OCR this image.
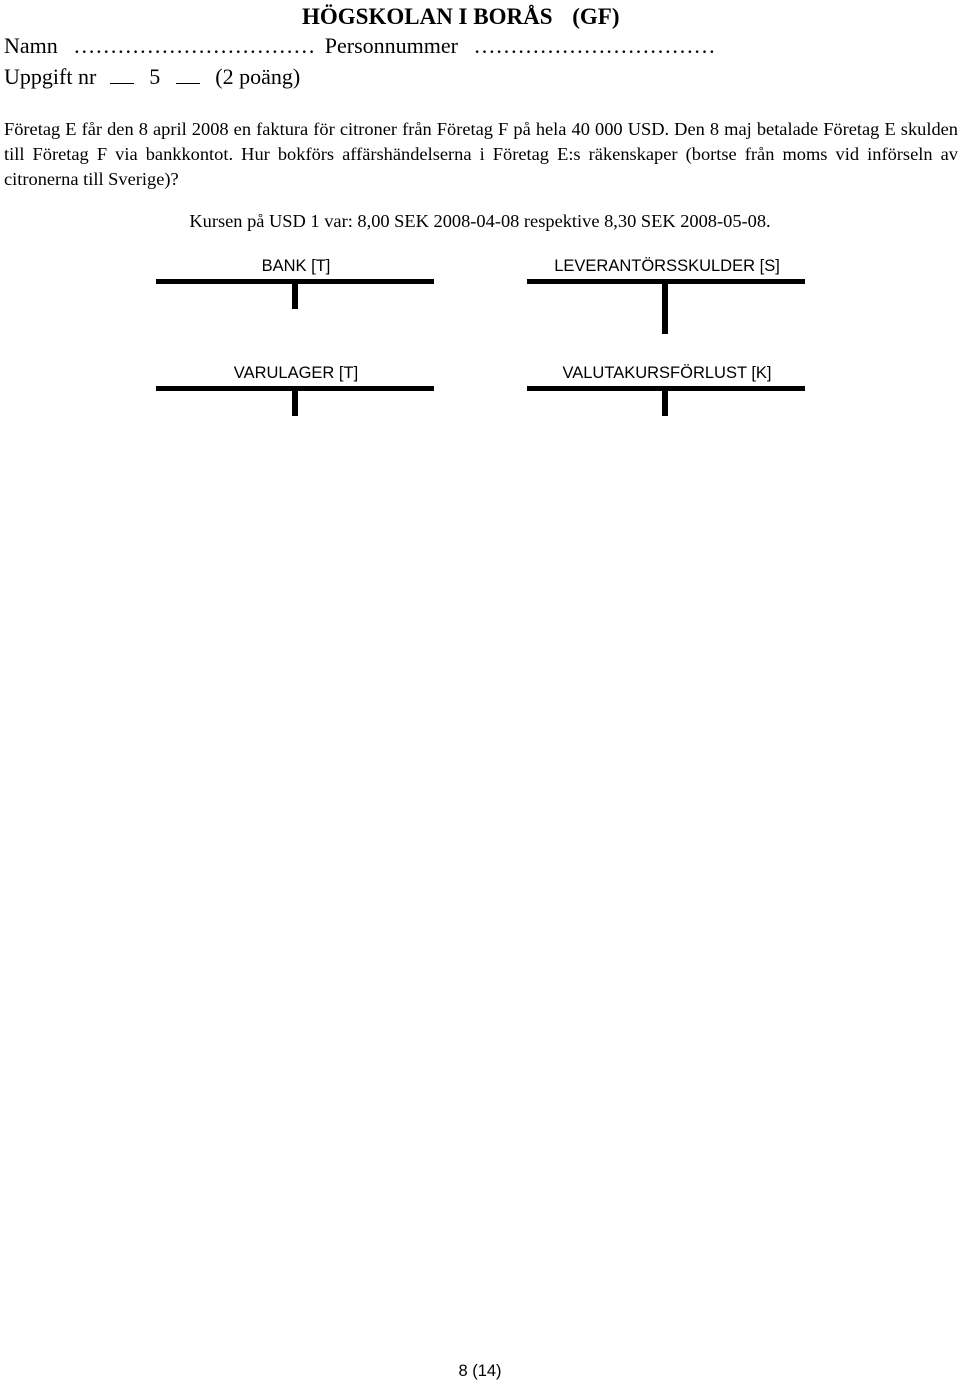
HÖGSKOLAN I BORÅS (GF)
Namn …………………………… Personnummer ……………………………
Uppgift nr 5	(2 poäng)
Företag E får den 8 april 2008 en faktura för citroner från Företag F på hela 40 000 USD. Den 8 maj betalade Företag E skulden till Företag F via bankkontot. Hur bokförs affärshändelserna i Företag E:s räkenskaper (bortse från moms vid införseln av citronerna till Sverige)?
Kursen på USD 1 var: 8,00 SEK 2008-04-08 respektive 8,30 SEK 2008-05-08.
BANK [T]	LEVERANTÖRSSKULDER [S]
VARULAGER [T]	VALUTAKURSFÖRLUST [K]
8 (14)
